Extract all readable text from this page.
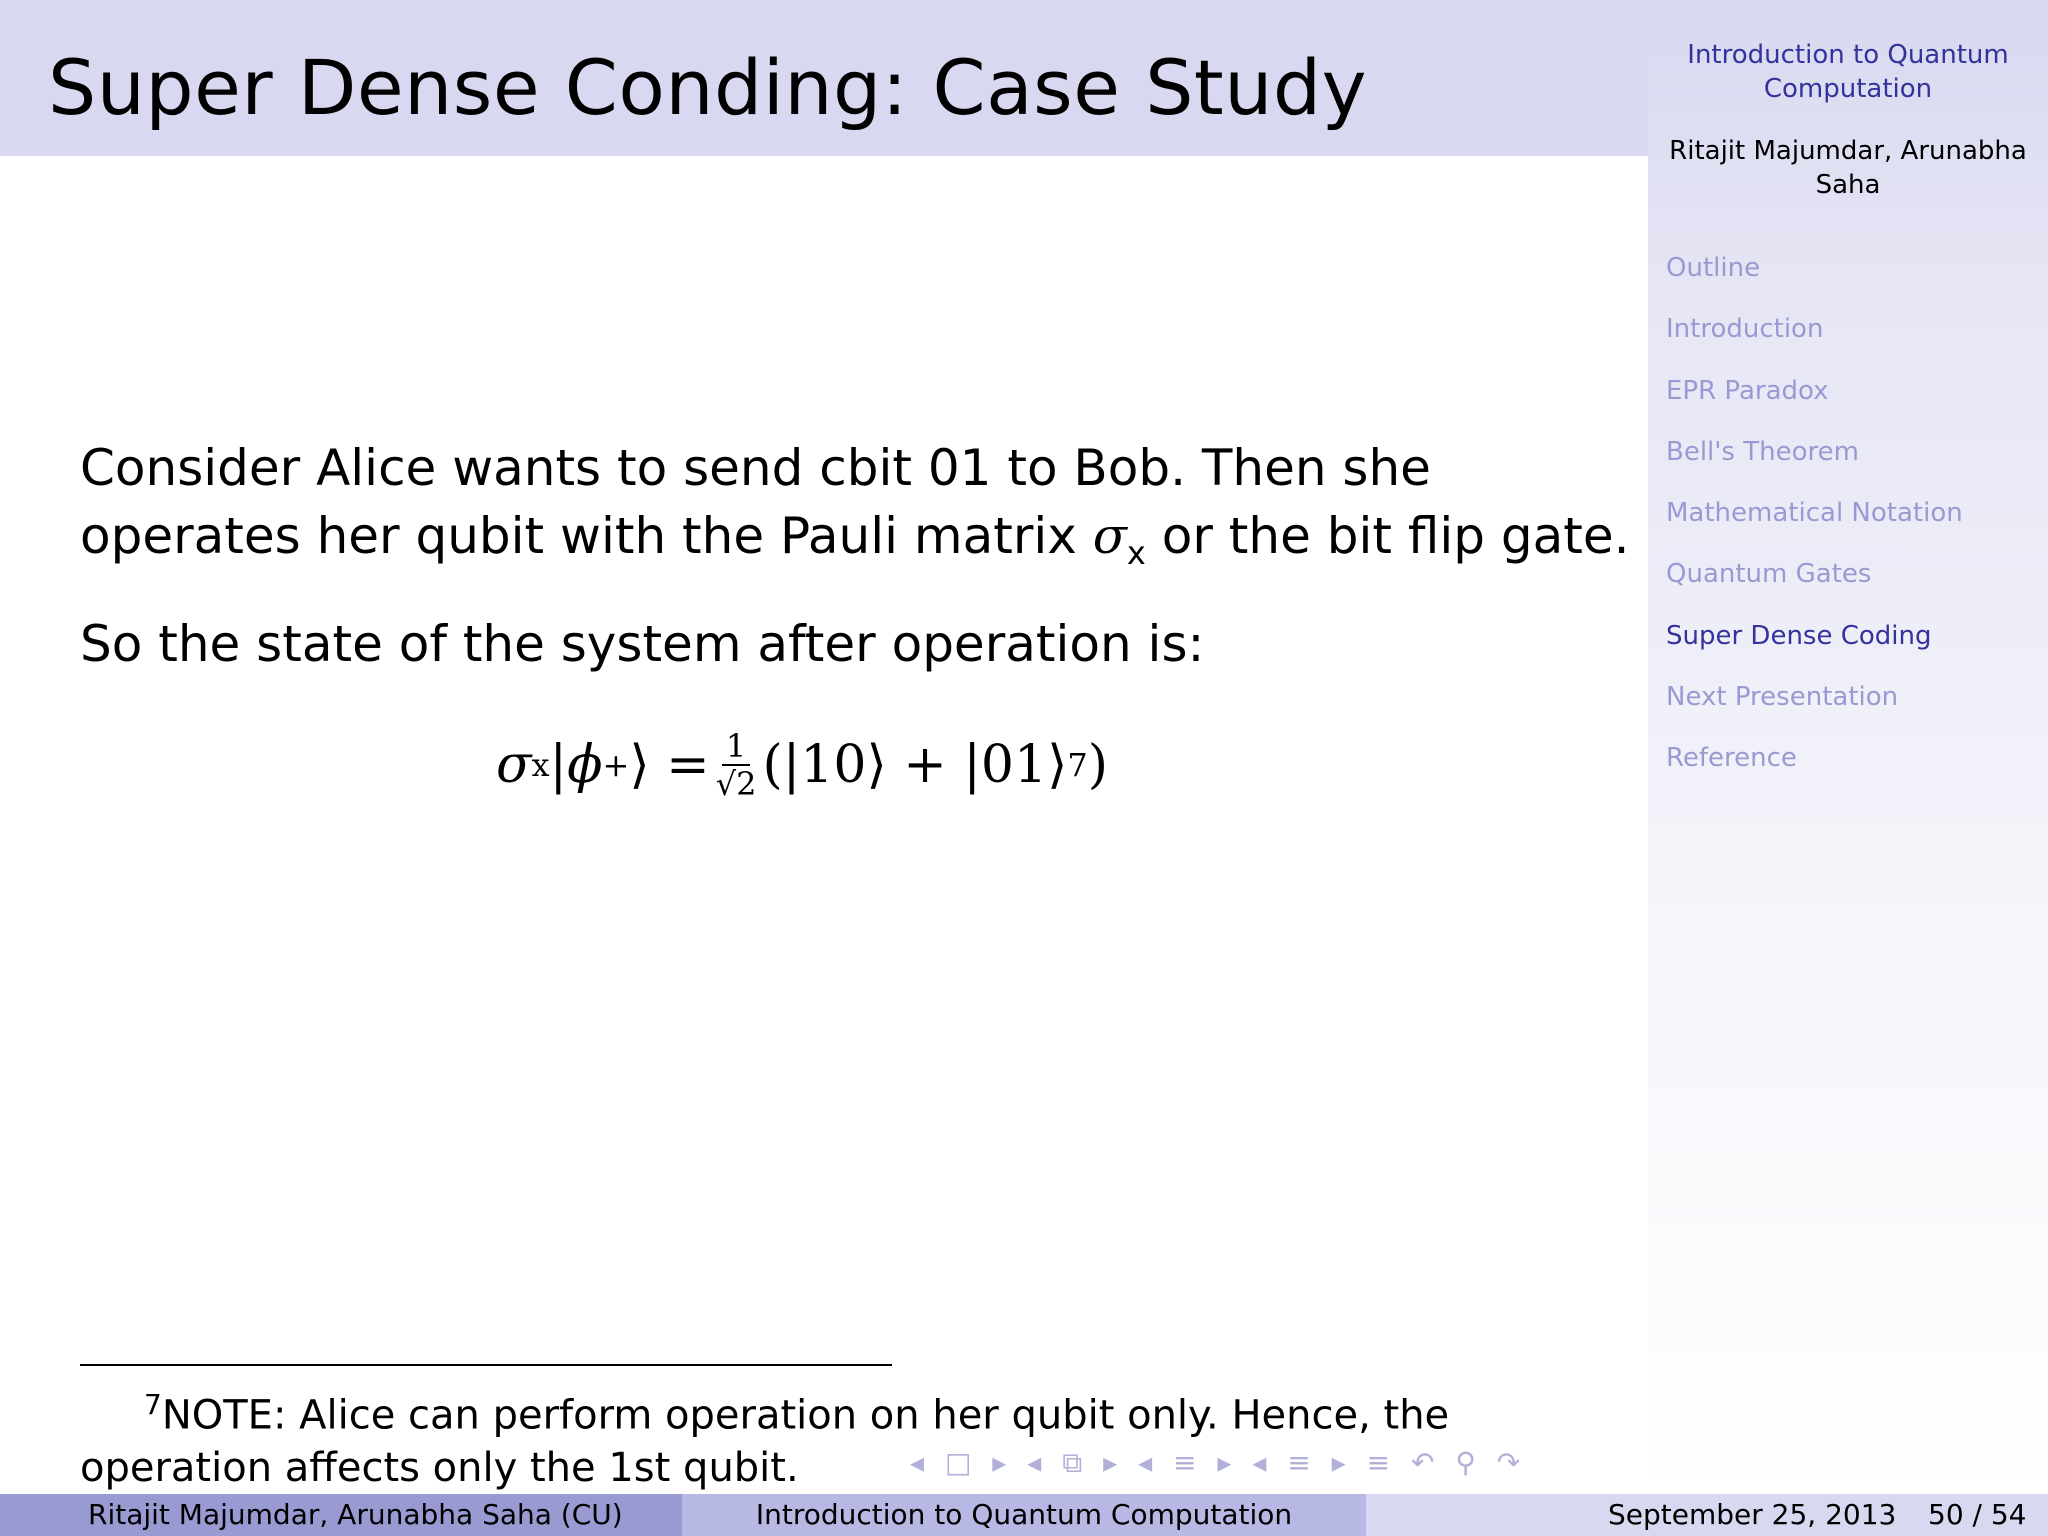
Super Dense Conding: Case Study	Introduction to Quantum
Computation
Ritajit Majumdar, Arunabha
Saha
Outline
Introduction
EPR Paradox
Bell's Theorem
Mathematical Notation
Quantum Gates
Super Dense Coding
Next Presentation
Reference
Consider Alice wants to send cbit 01 to Bob. Then she
operates her qubit with the Pauli matrix $\sigma_x$ or the bit flip gate.
So the state of the system after operation is:
σ x | ϕ + ⟩ = $\frac{1}{√2}$ (|10⟩ + |01⟩ 7 )
$^7$NOTE: Alice can perform operation on her qubit only. Hence, the
operation affects only the 1st qubit.	◂ □ ▸ ◂ ⧉ ▸ ◂ ≡ ▸ ◂ ≡ ▸ ≡ ↶ ⚲ ↷
Ritajit Majumdar, Arunabha Saha (CU)	Introduction to Quantum Computation	September 25, 2013 50 / 54
